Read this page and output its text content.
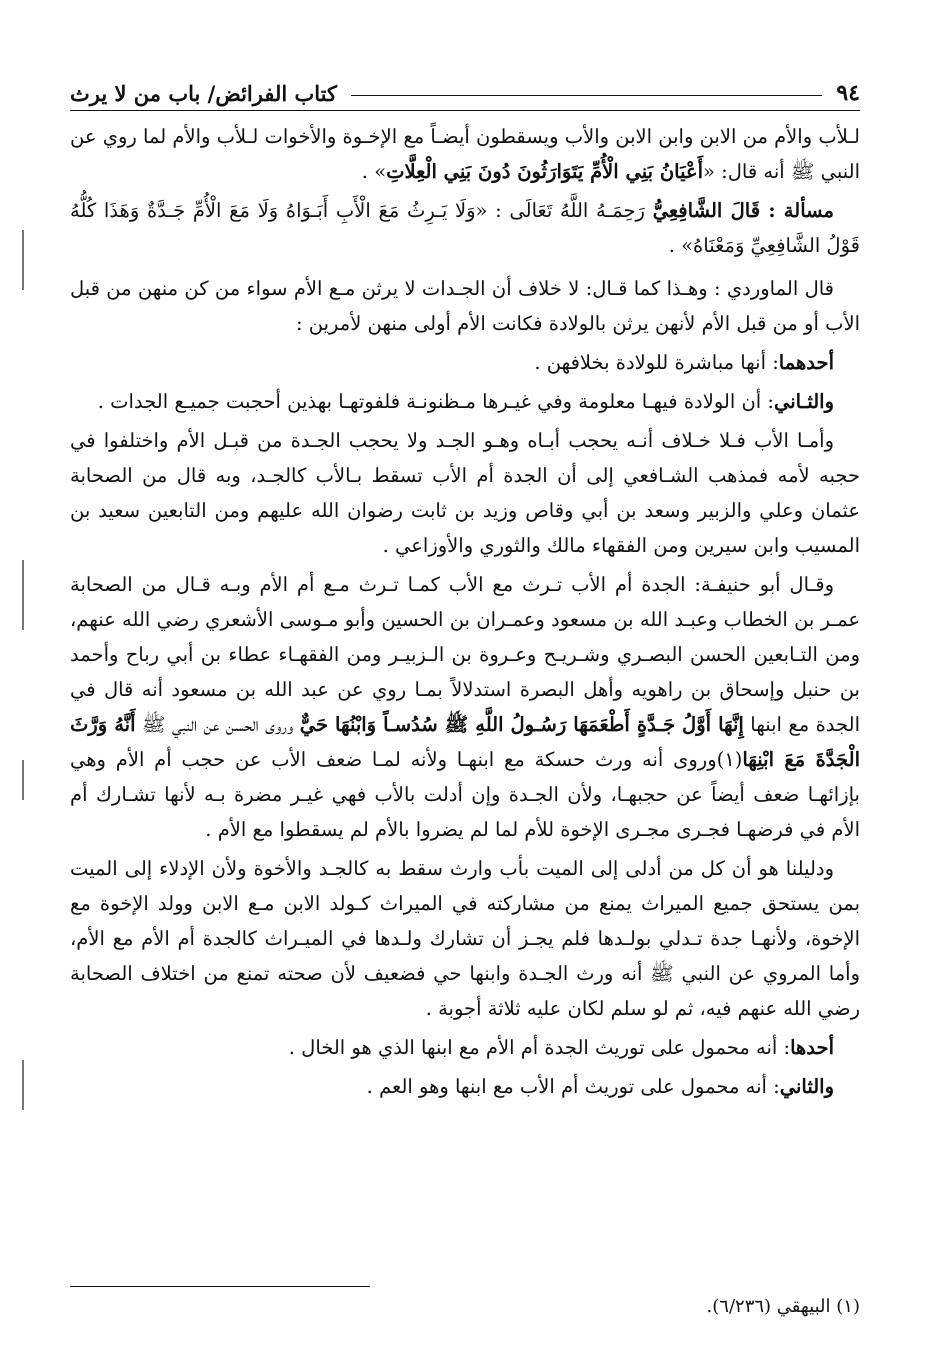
٩٤
كتاب الفرائض/ باب من لا يرث

لـلأب والأم من الابن وابن الابن والأب ويسقطون أيضـاً مع الإخـوة والأخوات لـلأب والأم لما روي عن النبي ﷺ أنه قال: «أَعْيَانُ بَنِي الْأُمِّ يَتَوَارَثُونَ دُونَ بَنِي الْعِلَّاتِ» .

مسألة : قَالَ الشَّافِعِيُّ رَحِمَـهُ اللَّهُ تَعَالَى : «وَلَا يَـرِثُ مَعَ الْأَبِ أَبَـوَاهُ وَلَا مَعَ الْأُمِّ جَـدَّةٌ وَهَذَا كُلُّهُ قَوْلُ الشَّافِعِيِّ وَمَعْنَاهُ» .

قال الماوردي : وهـذا كما قـال: لا خلاف أن الجـدات لا يرثن مـع الأم سواء من كن منهن من قبل الأب أو من قبل الأم لأنهن يرثن بالولادة فكانت الأم أولى منهن لأمرين :

أحدهما: أنها مباشرة للولادة بخلافهن .

والثـاني: أن الولادة فيهـا معلومة وفي غيـرها مـظنونـة فلفوتهـا بهذين أحجبت جميـع الجدات .

وأمـا الأب فـلا خـلاف أنـه يحجب أبـاه وهـو الجـد ولا يحجب الجـدة من قبـل الأم واختلفوا في حجبه لأمه فمذهب الشـافعي إلى أن الجدة أم الأب تسقط بـالأب كالجـد، وبه قال من الصحابة عثمان وعلي والزبير وسعد بن أبي وقاص وزيد بن ثابت رضوان الله عليهم ومن التابعين سعيد بن المسيب وابن سيرين ومن الفقهاء مالك والثوري والأوزاعي .

وقـال أبو حنيفـة: الجدة أم الأب تـرث مع الأب كمـا تـرث مـع أم الأم وبـه قـال من الصحابة عمـر بن الخطاب وعبـد الله بن مسعود وعمـران بن الحسين وأبو مـوسى الأشعري رضي الله عنهم، ومن التـابعين الحسن البصـري وشـريـح وعـروة بن الـزبيـر ومن الفقهـاء عطاء بن أبي رباح وأحمد بن حنبل وإسحاق بن راهويه وأهل البصرة استدلالاً بمـا روي عن عبد الله بن مسعود أنه قال في الجدة مع ابنها إِنَّهَا أَوَّلُ جَـدَّةٍ أَطْعَمَهَا رَسُـولُ اللَّهِ ﷺ سُدُسـاً وَابْنُهَا حَيٌّ وروى الحسن عن النبي ﷺ أَنَّهُ وَرَّثَ الْجَدَّةَ مَعَ ابْنِهَا(١)وروى أنه ورث حسكة مع ابنهـا ولأنه لمـا ضعف الأب عن حجب أم الأم وهي بإزائهـا ضعف أيضاً عن حجبهـا، ولأن الجـدة وإن أدلت بالأب فهي غيـر مضرة بـه لأنها تشـارك أم الأم في فرضهـا فجـرى مجـرى الإخوة للأم لما لم يضروا بالأم لم يسقطوا مع الأم .

ودليلنا هو أن كل من أدلى إلى الميت بأب وارث سقط به كالجـد والأخوة ولأن الإدلاء إلى الميت بمن يستحق جميع الميراث يمنع من مشاركته في الميراث كـولد الابن مـع الابن وولد الإخوة مع الإخوة، ولأنهـا جدة تـدلي بولـدها فلم يجـز أن تشارك ولـدها في الميـراث كالجدة أم الأم مع الأم، وأما المروي عن النبي ﷺ أنه ورث الجـدة وابنها حي فضعيف لأن صحته تمنع من اختلاف الصحابة رضي الله عنهم فيه، ثم لو سلم لكان عليه ثلاثة أجوبة .

أحدها: أنه محمول على توريث الجدة أم الأم مع ابنها الذي هو الخال .

والثاني: أنه محمول على توريث أم الأب مع ابنها وهو العم .

(١) البيهقي (٦/٢٣٦).
